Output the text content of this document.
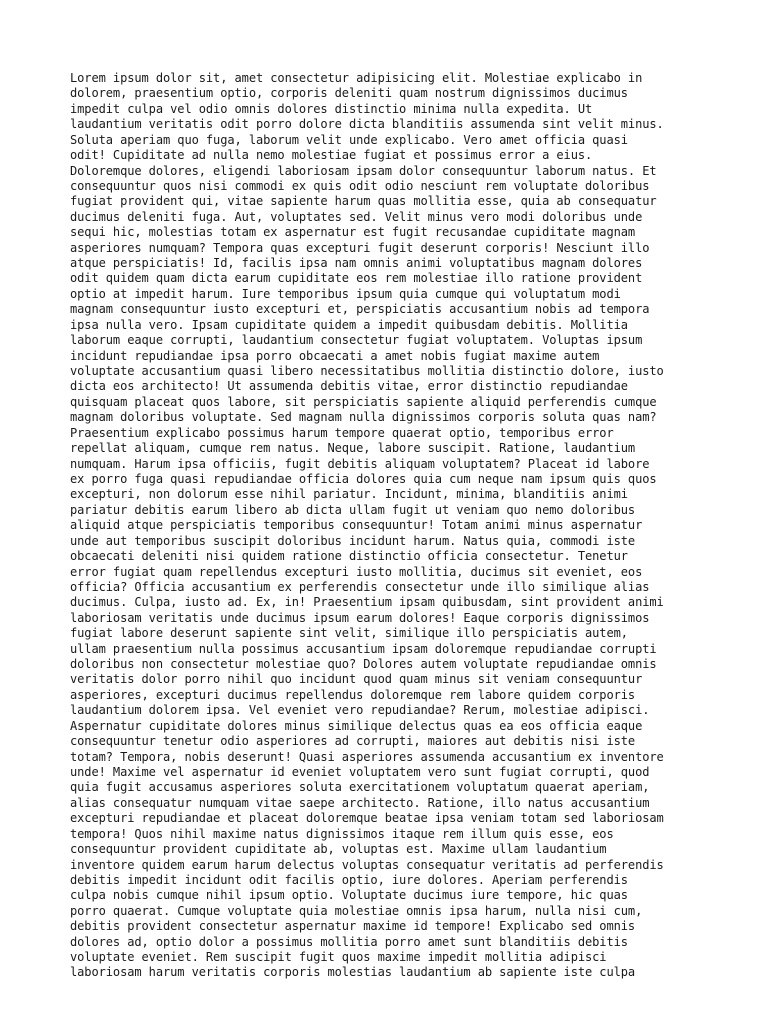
Lorem ipsum dolor sit, amet consectetur adipisicing elit. Molestiae explicabo in
dolorem, praesentium optio, corporis deleniti quam nostrum dignissimos ducimus
impedit culpa vel odio omnis dolores distinctio minima nulla expedita. Ut
laudantium veritatis odit porro dolore dicta blanditiis assumenda sint velit minus.
Soluta aperiam quo fuga, laborum velit unde explicabo. Vero amet officia quasi
odit! Cupiditate ad nulla nemo molestiae fugiat et possimus error a eius.
Doloremque dolores, eligendi laboriosam ipsam dolor consequuntur laborum natus. Et
consequuntur quos nisi commodi ex quis odit odio nesciunt rem voluptate doloribus
fugiat provident qui, vitae sapiente harum quas mollitia esse, quia ab consequatur
ducimus deleniti fuga. Aut, voluptates sed. Velit minus vero modi doloribus unde
sequi hic, molestias totam ex aspernatur est fugit recusandae cupiditate magnam
asperiores numquam? Tempora quas excepturi fugit deserunt corporis! Nesciunt illo
atque perspiciatis! Id, facilis ipsa nam omnis animi voluptatibus magnam dolores
odit quidem quam dicta earum cupiditate eos rem molestiae illo ratione provident
optio at impedit harum. Iure temporibus ipsum quia cumque qui voluptatum modi
magnam consequuntur iusto excepturi et, perspiciatis accusantium nobis ad tempora
ipsa nulla vero. Ipsam cupiditate quidem a impedit quibusdam debitis. Mollitia
laborum eaque corrupti, laudantium consectetur fugiat voluptatem. Voluptas ipsum
incidunt repudiandae ipsa porro obcaecati a amet nobis fugiat maxime autem
voluptate accusantium quasi libero necessitatibus mollitia distinctio dolore, iusto
dicta eos architecto! Ut assumenda debitis vitae, error distinctio repudiandae
quisquam placeat quos labore, sit perspiciatis sapiente aliquid perferendis cumque
magnam doloribus voluptate. Sed magnam nulla dignissimos corporis soluta quas nam?
Praesentium explicabo possimus harum tempore quaerat optio, temporibus error
repellat aliquam, cumque rem natus. Neque, labore suscipit. Ratione, laudantium
numquam. Harum ipsa officiis, fugit debitis aliquam voluptatem? Placeat id labore
ex porro fuga quasi repudiandae officia dolores quia cum neque nam ipsum quis quos
excepturi, non dolorum esse nihil pariatur. Incidunt, minima, blanditiis animi
pariatur debitis earum libero ab dicta ullam fugit ut veniam quo nemo doloribus
aliquid atque perspiciatis temporibus consequuntur! Totam animi minus aspernatur
unde aut temporibus suscipit doloribus incidunt harum. Natus quia, commodi iste
obcaecati deleniti nisi quidem ratione distinctio officia consectetur. Tenetur
error fugiat quam repellendus excepturi iusto mollitia, ducimus sit eveniet, eos
officia? Officia accusantium ex perferendis consectetur unde illo similique alias
ducimus. Culpa, iusto ad. Ex, in! Praesentium ipsam quibusdam, sint provident animi
laboriosam veritatis unde ducimus ipsum earum dolores! Eaque corporis dignissimos
fugiat labore deserunt sapiente sint velit, similique illo perspiciatis autem,
ullam praesentium nulla possimus accusantium ipsam doloremque repudiandae corrupti
doloribus non consectetur molestiae quo? Dolores autem voluptate repudiandae omnis
veritatis dolor porro nihil quo incidunt quod quam minus sit veniam consequuntur
asperiores, excepturi ducimus repellendus doloremque rem labore quidem corporis
laudantium dolorem ipsa. Vel eveniet vero repudiandae? Rerum, molestiae adipisci.
Aspernatur cupiditate dolores minus similique delectus quas ea eos officia eaque
consequuntur tenetur odio asperiores ad corrupti, maiores aut debitis nisi iste
totam? Tempora, nobis deserunt! Quasi asperiores assumenda accusantium ex inventore
unde! Maxime vel aspernatur id eveniet voluptatem vero sunt fugiat corrupti, quod
quia fugit accusamus asperiores soluta exercitationem voluptatum quaerat aperiam,
alias consequatur numquam vitae saepe architecto. Ratione, illo natus accusantium
excepturi repudiandae et placeat doloremque beatae ipsa veniam totam sed laboriosam
tempora! Quos nihil maxime natus dignissimos itaque rem illum quis esse, eos
consequuntur provident cupiditate ab, voluptas est. Maxime ullam laudantium
inventore quidem earum harum delectus voluptas consequatur veritatis ad perferendis
debitis impedit incidunt odit facilis optio, iure dolores. Aperiam perferendis
culpa nobis cumque nihil ipsum optio. Voluptate ducimus iure tempore, hic quas
porro quaerat. Cumque voluptate quia molestiae omnis ipsa harum, nulla nisi cum,
debitis provident consectetur aspernatur maxime id tempore! Explicabo sed omnis
dolores ad, optio dolor a possimus mollitia porro amet sunt blanditiis debitis
voluptate eveniet. Rem suscipit fugit quos maxime impedit mollitia adipisci
laboriosam harum veritatis corporis molestias laudantium ab sapiente iste culpa
